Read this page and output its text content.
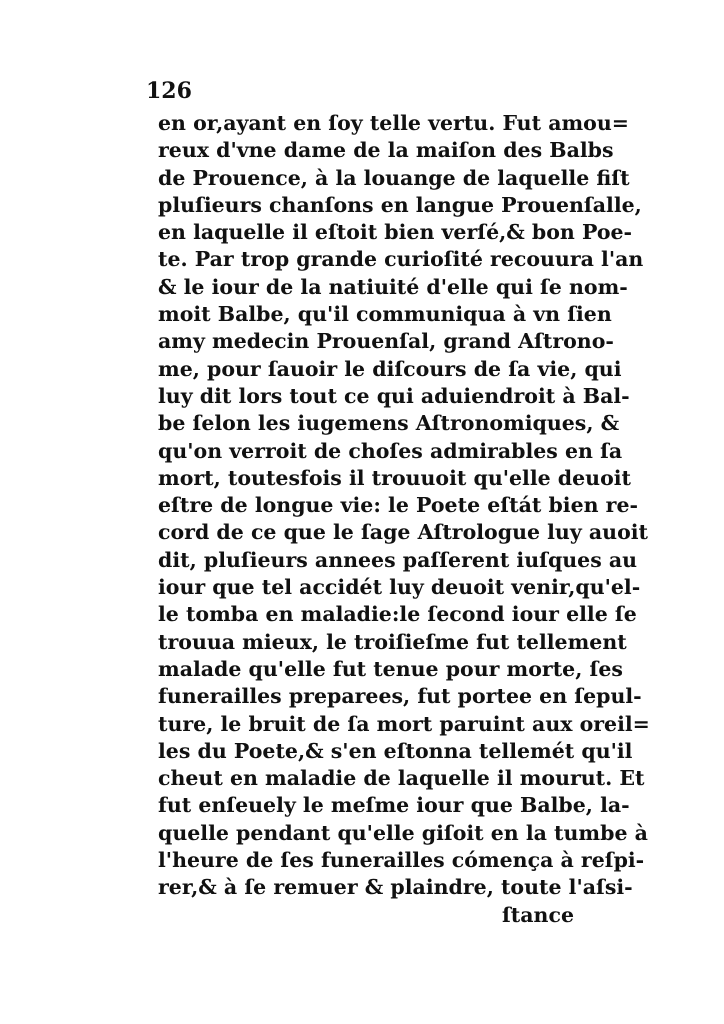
126
en or,ayant en ſoy telle vertu. Fut amou=
reux d'vne dame de la maiſon des Balbs
de Prouence, à la louange de laquelle fiſt
pluſieurs chanſons en langue Prouenſalle,
en laquelle il eſtoit bien verſé,& bon Poe-
te. Par trop grande curioſité recouura l'an
& le iour de la natiuité d'elle qui ſe nom-
moit Balbe, qu'il communiqua à vn ſien
amy medecin Prouenſal, grand Aſtrono-
me, pour ſauoir le diſcours de ſa vie, qui
luy dit lors tout ce qui aduiendroit à Bal-
be ſelon les iugemens Aſtronomiques, &
qu'on verroit de choſes admirables en ſa
mort, toutesfois il trouuoit qu'elle deuoit
eſtre de longue vie: le Poete eſtát bien re-
cord de ce que le ſage Aſtrologue luy auoit
dit, pluſieurs annees paſſerent iuſques au
iour que tel accidét luy deuoit venir,qu'el-
le tomba en maladie:le ſecond iour elle ſe
trouua mieux, le troiſieſme fut tellement
malade qu'elle fut tenue pour morte, ſes
funerailles preparees, fut portee en ſepul-
ture, le bruit de ſa mort paruint aux oreil=
les du Poete,& s'en eſtonna tellemét qu'il
cheut en maladie de laquelle il mourut. Et
fut enſeuely le meſme iour que Balbe, la-
quelle pendant qu'elle giſoit en la tumbe à
l'heure de ſes funerailles cómença à reſpi-
rer,& à ſe remuer & plaindre, toute l'aſsi-
ſtance
